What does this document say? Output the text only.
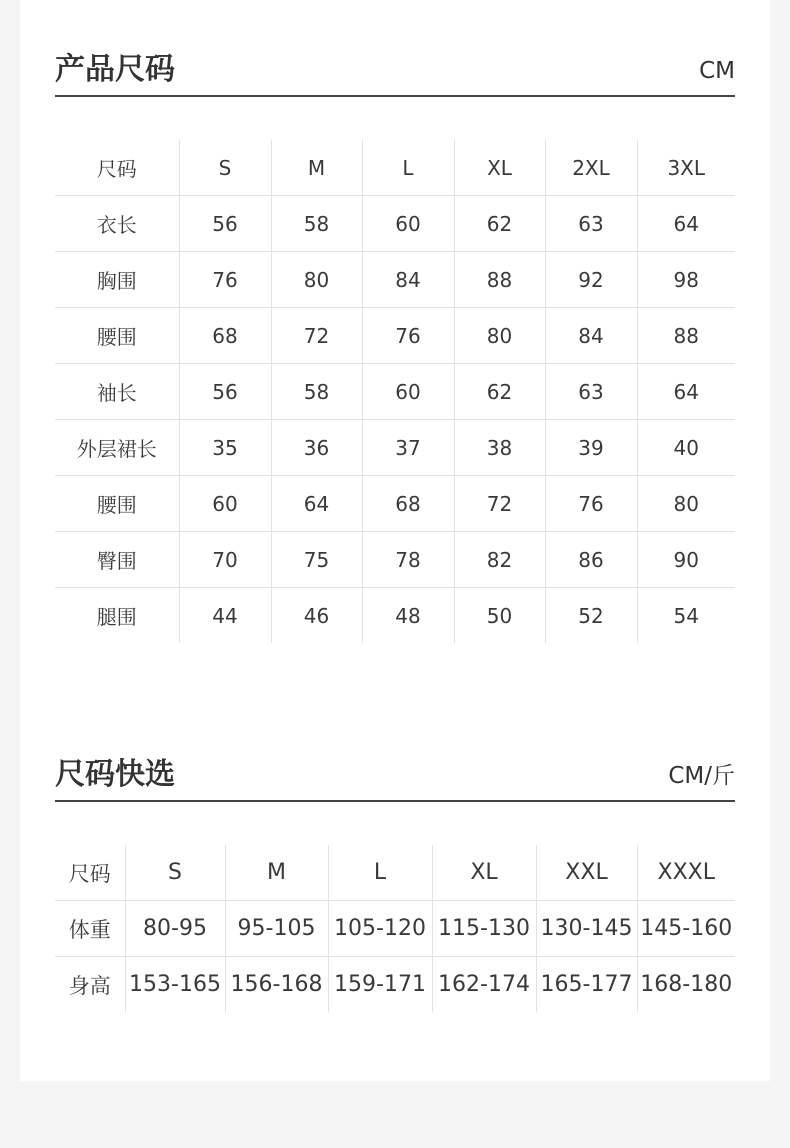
产品尺码	CM
尺码	S	M	L	XL	2XL	3XL
衣长	56	58	60	62	63	64
胸围	76	80	84	88	92	98
腰围	68	72	76	80	84	88
袖长	56	58	60	62	63	64
外层裙长	35	36	37	38	39	40
腰围	60	64	68	72	76	80
臀围	70	75	78	82	86	90
腿围	44	46	48	50	52	54
尺码快选	CM/斤
尺码	S	M	L	XL	XXL	XXXL
体重	80-95	95-105	105-120	115-130	130-145	145-160
身高	153-165	156-168	159-171	162-174	165-177	168-180
